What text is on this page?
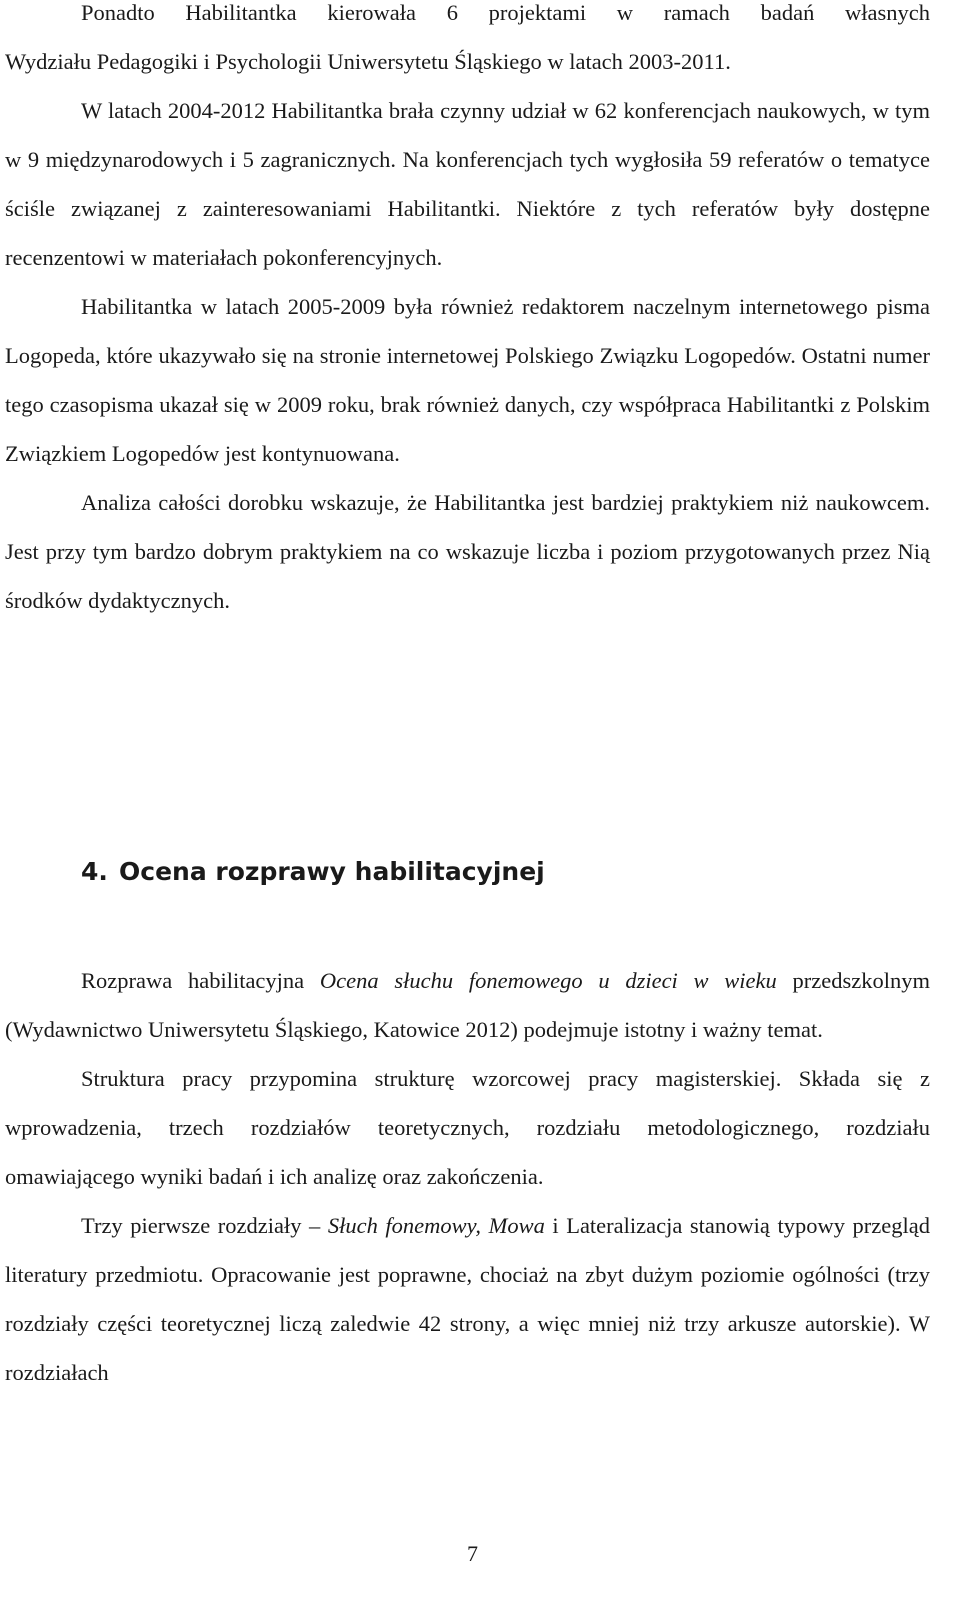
Ponadto Habilitantka kierowała 6 projektami w ramach badań własnych

Wydziału Pedagogiki i Psychologii Uniwersytetu Śląskiego w latach 2003-2011.

W latach 2004-2012 Habilitantka brała czynny udział w 62 konferencjach naukowych, w tym w 9 międzynarodowych i 5 zagranicznych. Na konferencjach tych wygłosiła 59 referatów o tematyce ściśle związanej z zainteresowaniami Habilitantki. Niektóre z tych referatów były dostępne recenzentowi w materiałach pokonferencyjnych.

Habilitantka w latach 2005-2009 była również redaktorem naczelnym internetowego pisma Logopeda, które ukazywało się na stronie internetowej Polskiego Związku Logopedów. Ostatni numer tego czasopisma ukazał się w 2009 roku, brak również danych, czy współpraca Habilitantki z Polskim Związkiem Logopedów jest kontynuowana.

Analiza całości dorobku wskazuje, że Habilitantka jest bardziej praktykiem niż naukowcem. Jest przy tym bardzo dobrym praktykiem na co wskazuje liczba i poziom przygotowanych przez Nią środków dydaktycznych.

4. Ocena rozprawy habilitacyjnej

Rozprawa habilitacyjna Ocena słuchu fonemowego u dzieci w wieku przedszkolnym (Wydawnictwo Uniwersytetu Śląskiego, Katowice 2012) podejmuje istotny i ważny temat.

Struktura pracy przypomina strukturę wzorcowej pracy magisterskiej. Składa się z wprowadzenia, trzech rozdziałów teoretycznych, rozdziału metodologicznego, rozdziału omawiającego wyniki badań i ich analizę oraz zakończenia.

Trzy pierwsze rozdziały – Słuch fonemowy, Mowa i Lateralizacja stanowią typowy przegląd literatury przedmiotu. Opracowanie jest poprawne, chociaż na zbyt dużym poziomie ogólności (trzy rozdziały części teoretycznej liczą zaledwie 42 strony, a więc mniej niż trzy arkusze autorskie). W rozdziałach

7
